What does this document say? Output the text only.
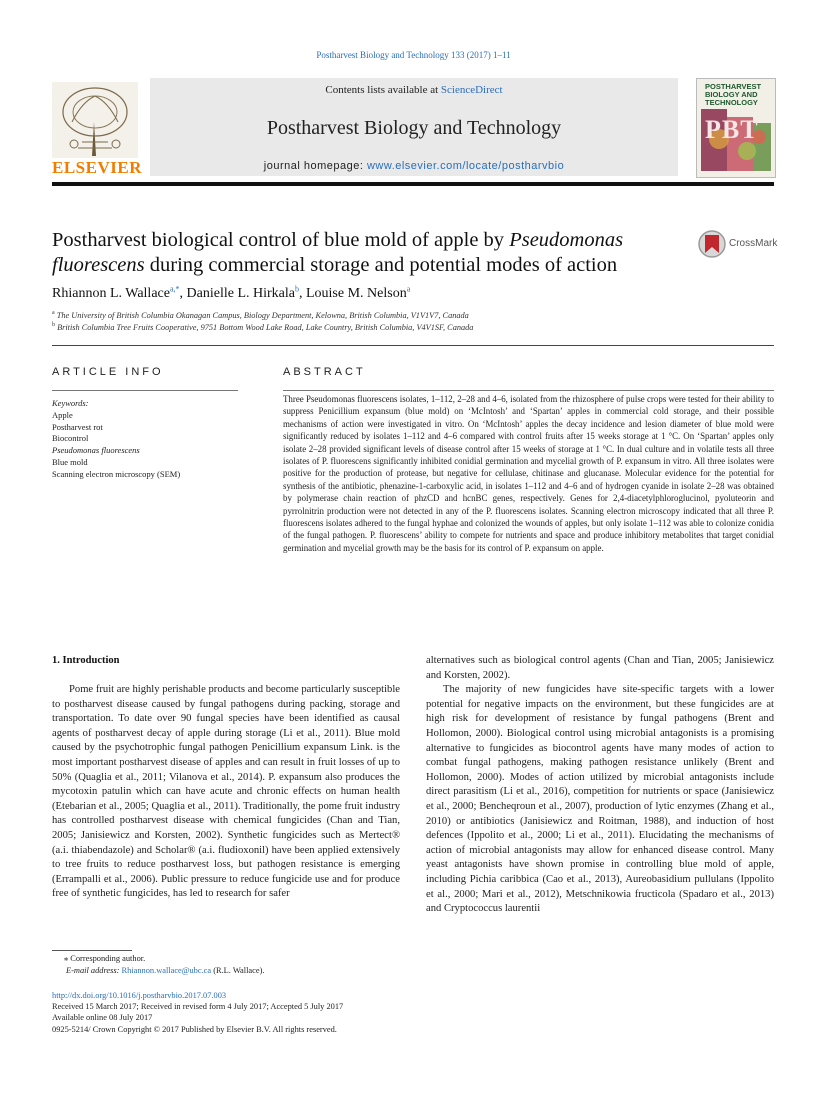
Postharvest Biology and Technology 133 (2017) 1–11
ELSEVIER
Contents lists available at ScienceDirect
Postharvest Biology and Technology
journal homepage: www.elsevier.com/locate/postharvbio
POSTHARVEST BIOLOGY AND TECHNOLOGY
PBT
Postharvest biological control of blue mold of apple by Pseudomonas fluorescens during commercial storage and potential modes of action
CrossMark
Rhiannon L. Wallace$^{a,*}$, Danielle L. Hirkala$^b$, Louise M. Nelson$^a$
$^a$ The University of British Columbia Okanagan Campus, Biology Department, Kelowna, British Columbia, V1V1V7, Canada
$^b$ British Columbia Tree Fruits Cooperative, 9751 Bottom Wood Lake Road, Lake Country, British Columbia, V4V1SF, Canada
ARTICLE INFO
Keywords:
Apple
Postharvest rot
Biocontrol
Pseudomonas fluorescens
Blue mold
Scanning electron microscopy (SEM)
ABSTRACT
Three Pseudomonas fluorescens isolates, 1–112, 2–28 and 4–6, isolated from the rhizosphere of pulse crops were tested for their ability to suppress Penicillium expansum (blue mold) on ‘McIntosh’ and ‘Spartan’ apples in commercial cold storage, and their possible mechanisms of action were investigated in vitro. On ‘McIntosh’ apples the decay incidence and lesion diameter of blue mold were significantly reduced by isolates 1–112 and 4–6 compared with control fruits after 15 weeks storage at 1 °C. On ‘Spartan’ apples only isolate 2–28 provided significant levels of disease control after 15 weeks of storage at 1 °C. In dual culture and in volatile tests all three isolates of P. fluorescens significantly inhibited conidial germination and mycelial growth of P. expansum in vitro. All three isolates were positive for the production of protease, but negative for cellulase, chitinase and glucanase. Molecular evidence for the potential for synthesis of the antibiotic, phenazine-1-carboxylic acid, in isolates 1–112 and 4–6 and of hydrogen cyanide in isolate 2–28 was obtained by polymerase chain reaction of phzCD and hcnBC genes, respectively. Genes for 2,4-diacetylphloroglucinol, pyoluteorin and pyrrolnitrin production were not detected in any of the P. fluorescens isolates. Scanning electron microscopy indicated that all three P. fluorescens isolates adhered to the fungal hyphae and colonized the wounds of apples, but only isolate 1–112 was able to colonize conidia of the fungal pathogen. P. fluorescens’ ability to compete for nutrients and space and produce inhibitory metabolites that target conidial germination and mycelial growth may be the basis for its control of P. expansum on apple.
1. Introduction

Pome fruit are highly perishable products and become particularly susceptible to postharvest disease caused by fungal pathogens during packing, storage and transportation. To date over 90 fungal species have been identified as causal agents of postharvest decay of apple during storage (Li et al., 2011). Blue mold caused by the psychotrophic fungal pathogen Penicillium expansum Link. is the most important postharvest disease of apples and can result in fruit losses of up to 50% (Quaglia et al., 2011; Vilanova et al., 2014). P. expansum also produces the mycotoxin patulin which can have acute and chronic effects on human health (Etebarian et al., 2005; Quaglia et al., 2011). Traditionally, the pome fruit industry has controlled postharvest disease with chemical fungicides (Chan and Tian, 2005; Janisiewicz and Korsten, 2002). Synthetic fungicides such as Mertect® (a.i. thiabendazole) and Scholar® (a.i. fludioxonil) have been applied extensively to tree fruits to reduce postharvest loss, but pathogen resistance is emerging (Errampalli et al., 2006). Public pressure to reduce fungicide use and for produce free of synthetic fungicides, has led to research for safer

alternatives such as biological control agents (Chan and Tian, 2005; Janisiewicz and Korsten, 2002).

The majority of new fungicides have site-specific targets with a lower potential for negative impacts on the environment, but these fungicides are at high risk for development of resistance by fungal pathogens (Brent and Hollomon, 2000). Biological control using microbial antagonists is a promising alternative to fungicides as biocontrol agents have many modes of action to combat fungal pathogens, making pathogen resistance unlikely (Brent and Hollomon, 2000). Modes of action utilized by microbial antagonists include direct parasitism (Li et al., 2016), competition for nutrients or space (Janisiewicz et al., 2000; Bencheqroun et al., 2007), production of lytic enzymes (Zhang et al., 2010) or antibiotics (Janisiewicz and Roitman, 1988), and induction of host defences (Ippolito et al., 2000; Li et al., 2011). Elucidating the mechanisms of action of microbial antagonists may allow for enhanced disease control. Many yeast antagonists have shown promise in controlling blue mold of apple, including Pichia caribbica (Cao et al., 2013), Aureobasidium pullulans (Ippolito et al., 2000; Mari et al., 2012), Metschnikowia fructicola (Spadaro et al., 2013) and Cryptococcus laurentii

⁎ Corresponding author.
E-mail address: Rhiannon.wallace@ubc.ca (R.L. Wallace).
http://dx.doi.org/10.1016/j.postharvbio.2017.07.003
Received 15 March 2017; Received in revised form 4 July 2017; Accepted 5 July 2017
Available online 08 July 2017
0925-5214/ Crown Copyright © 2017 Published by Elsevier B.V. All rights reserved.
